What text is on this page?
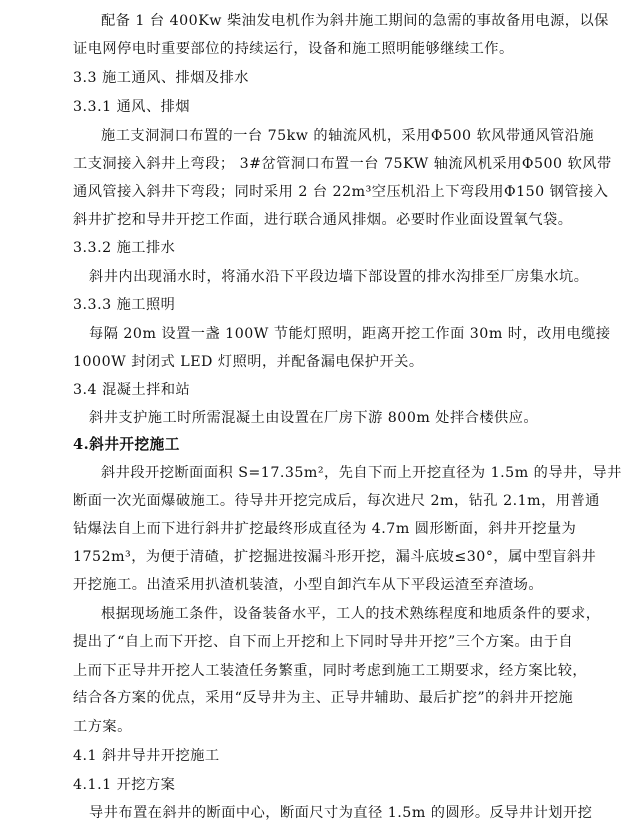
配备 1 台 400Kw 柴油发电机作为斜井施工期间的急需的事故备用电源，以保
证电网停电时重要部位的持续运行，设备和施工照明能够继续工作。
3.3 施工通风、排烟及排水
3.3.1 通风、排烟
施工支洞洞口布置的一台 75kw 的轴流风机，采用Φ500 软风带通风管沿施
工支洞接入斜井上弯段； 3#岔管洞口布置一台 75KW 轴流风机采用Φ500 软风带
通风管接入斜井下弯段；同时采用 2 台 22m³空压机沿上下弯段用Φ150 钢管接入
斜井扩挖和导井开挖工作面，进行联合通风排烟。必要时作业面设置氧气袋。
3.3.2 施工排水
斜井内出现涌水时，将涌水沿下平段边墙下部设置的排水沟排至厂房集水坑。
3.3.3 施工照明
每隔 20m 设置一盏 100W 节能灯照明，距离开挖工作面 30m 时，改用电缆接
1000W 封闭式 LED 灯照明，并配备漏电保护开关。
3.4 混凝土拌和站
斜井支护施工时所需混凝土由设置在厂房下游 800m 处拌合楼供应。
4.斜井开挖施工
斜井段开挖断面面积 S=17.35m²，先自下而上开挖直径为 1.5m 的导井，导井
断面一次光面爆破施工。待导井开挖完成后，每次进尺 2m，钻孔 2.1m，用普通
钻爆法自上而下进行斜井扩挖最终形成直径为 4.7m 圆形断面，斜井开挖量为
1752m³，为便于清碴，扩挖掘进按漏斗形开挖，漏斗底坡≤30°，属中型盲斜井
开挖施工。出渣采用扒渣机装渣，小型自卸汽车从下平段运渣至弃渣场。
根据现场施工条件，设备装备水平，工人的技术熟练程度和地质条件的要求，
提出了“自上而下开挖、自下而上开挖和上下同时导井开挖”三个方案。由于自
上而下正导井开挖人工装渣任务繁重，同时考虑到施工工期要求，经方案比较，
结合各方案的优点，采用“反导井为主、正导井辅助、最后扩挖”的斜井开挖施
工方案。
4.1 斜井导井开挖施工
4.1.1 开挖方案
导井布置在斜井的断面中心，断面尺寸为直径 1.5m 的圆形。反导井计划开挖
